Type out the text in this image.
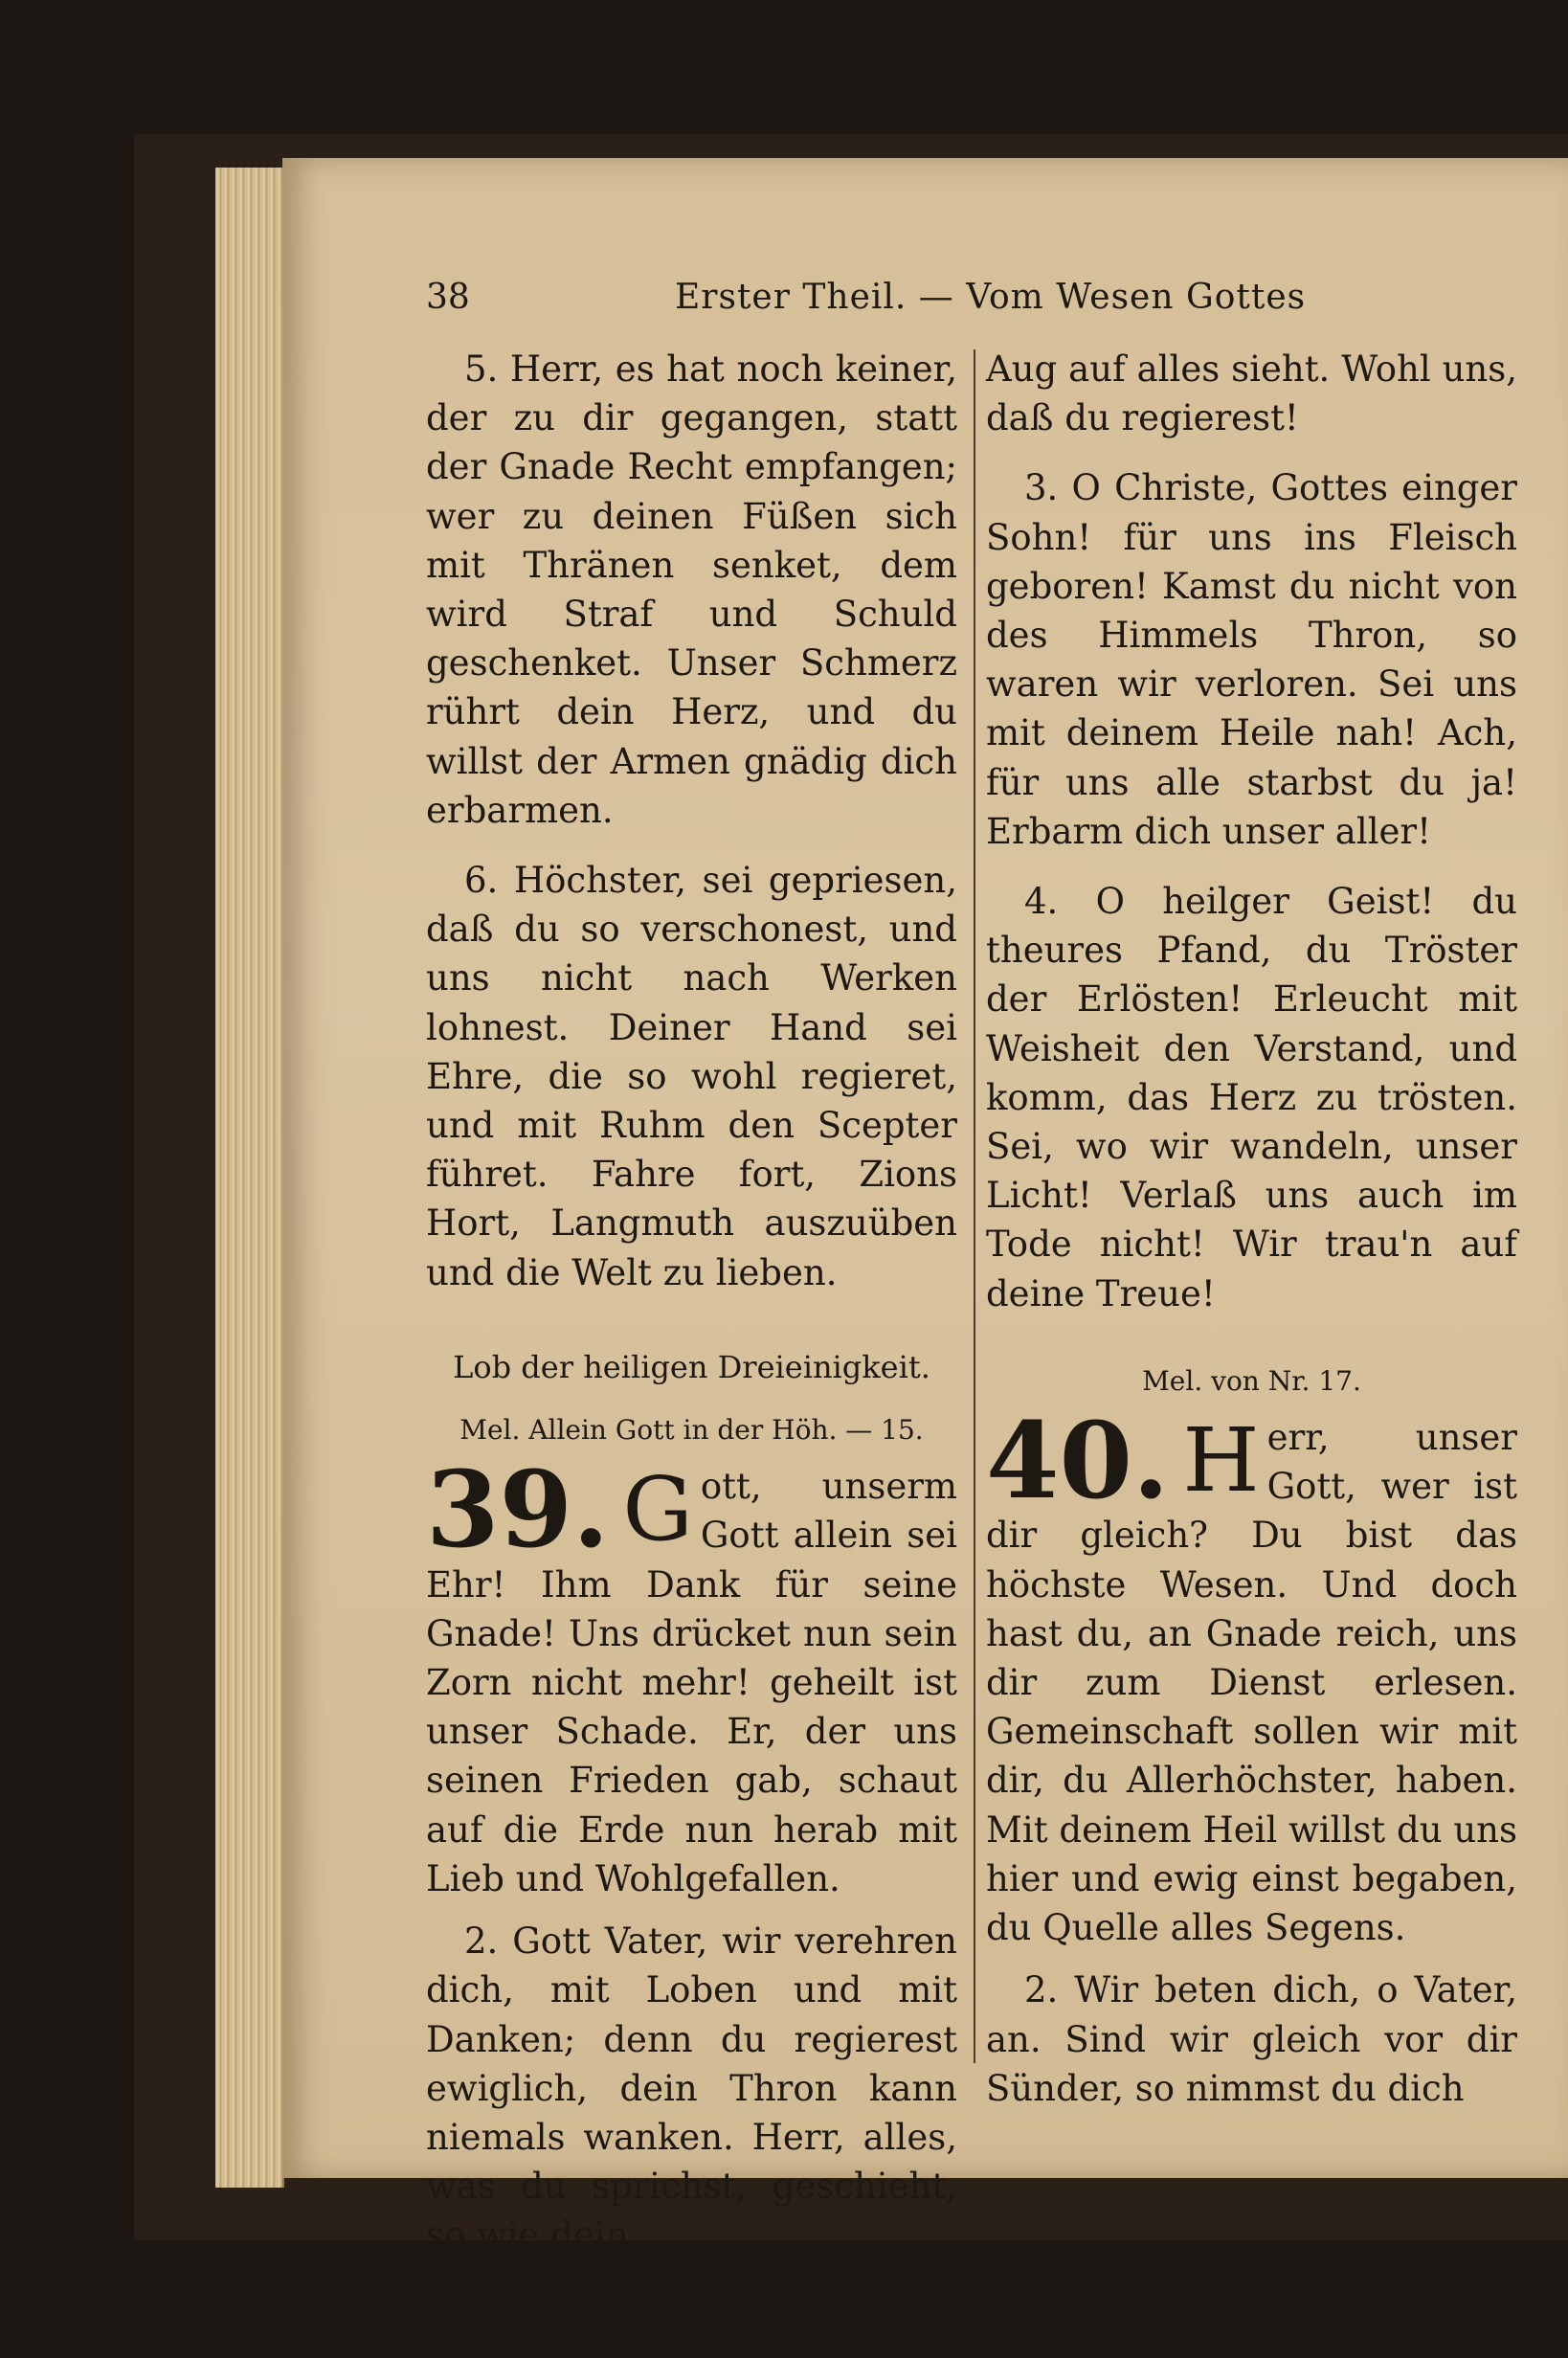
38	Erster Theil. — Vom Wesen Gottes

5. Herr, es hat noch keiner, der zu dir gegangen, statt der Gnade Recht empfangen; wer zu deinen Füßen sich mit Thränen senket, dem wird Straf und Schuld geschenket. Unser Schmerz rührt dein Herz, und du willst der Armen gnädig dich erbarmen.

6. Höchster, sei gepriesen, daß du so verschonest, und uns nicht nach Werken lohnest. Deiner Hand sei Ehre, die so wohl regieret, und mit Ruhm den Scepter führet. Fahre fort, Zions Hort, Langmuth auszuüben und die Welt zu lieben.

Lob der heiligen Dreieinigkeit.
Mel. Allein Gott in der Höh. — 15.
39. G ott, unserm Gott allein sei Ehr! Ihm Dank für seine Gnade! Uns drücket nun sein Zorn nicht mehr! geheilt ist unser Schade. Er, der uns seinen Frieden gab, schaut auf die Erde nun herab mit Lieb und Wohlgefallen.

2. Gott Vater, wir verehren dich, mit Loben und mit Danken; denn du regierest ewiglich, dein Thron kann niemals wanken. Herr, alles, was du sprichst, geschieht, so wie dein

Aug auf alles sieht. Wohl uns, daß du regierest!

3. O Christe, Gottes einger Sohn! für uns ins Fleisch geboren! Kamst du nicht von des Himmels Thron, so waren wir verloren. Sei uns mit deinem Heile nah! Ach, für uns alle starbst du ja! Erbarm dich unser aller!

4. O heilger Geist! du theures Pfand, du Tröster der Erlösten! Erleucht mit Weisheit den Verstand, und komm, das Herz zu trösten. Sei, wo wir wandeln, unser Licht! Verlaß uns auch im Tode nicht! Wir trau'n auf deine Treue!

Mel. von Nr. 17.
40. H err, unser Gott, wer ist dir gleich? Du bist das höchste Wesen. Und doch hast du, an Gnade reich, uns dir zum Dienst erlesen. Gemeinschaft sollen wir mit dir, du Allerhöchster, haben. Mit deinem Heil willst du uns hier und ewig einst begaben, du Quelle alles Segens.

2. Wir beten dich, o Vater, an. Sind wir gleich vor dir Sünder, so nimmst du dich
